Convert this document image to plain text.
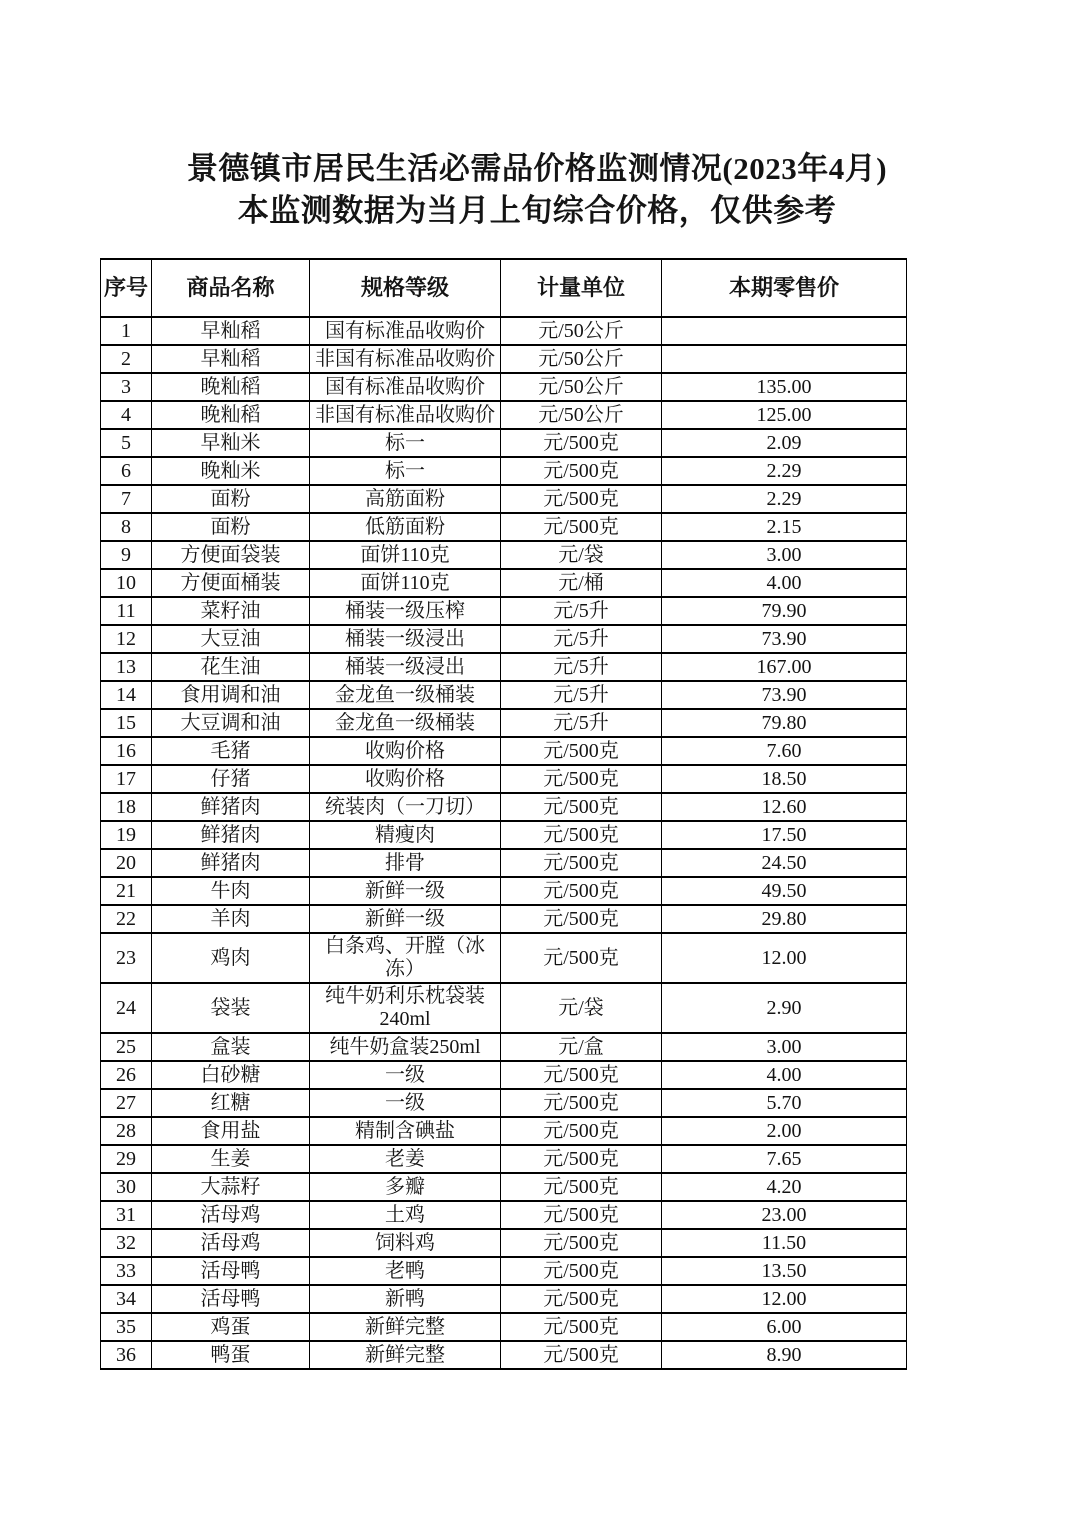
景德镇市居民生活必需品价格监测情况(2023年4月)
本监测数据为当月上旬综合价格，仅供参考
序号	商品名称	规格等级	计量单位	本期零售价
1	早籼稻	国有标准品收购价	元/50公斤	
2	早籼稻	非国有标准品收购价	元/50公斤	
3	晚籼稻	国有标准品收购价	元/50公斤	135.00
4	晚籼稻	非国有标准品收购价	元/50公斤	125.00
5	早籼米	标一	元/500克	2.09
6	晚籼米	标一	元/500克	2.29
7	面粉	高筋面粉	元/500克	2.29
8	面粉	低筋面粉	元/500克	2.15
9	方便面袋装	面饼110克	元/袋	3.00
10	方便面桶装	面饼110克	元/桶	4.00
11	菜籽油	桶装一级压榨	元/5升	79.90
12	大豆油	桶装一级浸出	元/5升	73.90
13	花生油	桶装一级浸出	元/5升	167.00
14	食用调和油	金龙鱼一级桶装	元/5升	73.90
15	大豆调和油	金龙鱼一级桶装	元/5升	79.80
16	毛猪	收购价格	元/500克	7.60
17	仔猪	收购价格	元/500克	18.50
18	鲜猪肉	统装肉（一刀切）	元/500克	12.60
19	鲜猪肉	精瘦肉	元/500克	17.50
20	鲜猪肉	排骨	元/500克	24.50
21	牛肉	新鲜一级	元/500克	49.50
22	羊肉	新鲜一级	元/500克	29.80
23	鸡肉	白条鸡、开膛（冰冻）	元/500克	12.00
24	袋装	纯牛奶利乐枕袋装240ml	元/袋	2.90
25	盒装	纯牛奶盒装250ml	元/盒	3.00
26	白砂糖	一级	元/500克	4.00
27	红糖	一级	元/500克	5.70
28	食用盐	精制含碘盐	元/500克	2.00
29	生姜	老姜	元/500克	7.65
30	大蒜籽	多瓣	元/500克	4.20
31	活母鸡	土鸡	元/500克	23.00
32	活母鸡	饲料鸡	元/500克	11.50
33	活母鸭	老鸭	元/500克	13.50
34	活母鸭	新鸭	元/500克	12.00
35	鸡蛋	新鲜完整	元/500克	6.00
36	鸭蛋	新鲜完整	元/500克	8.90
